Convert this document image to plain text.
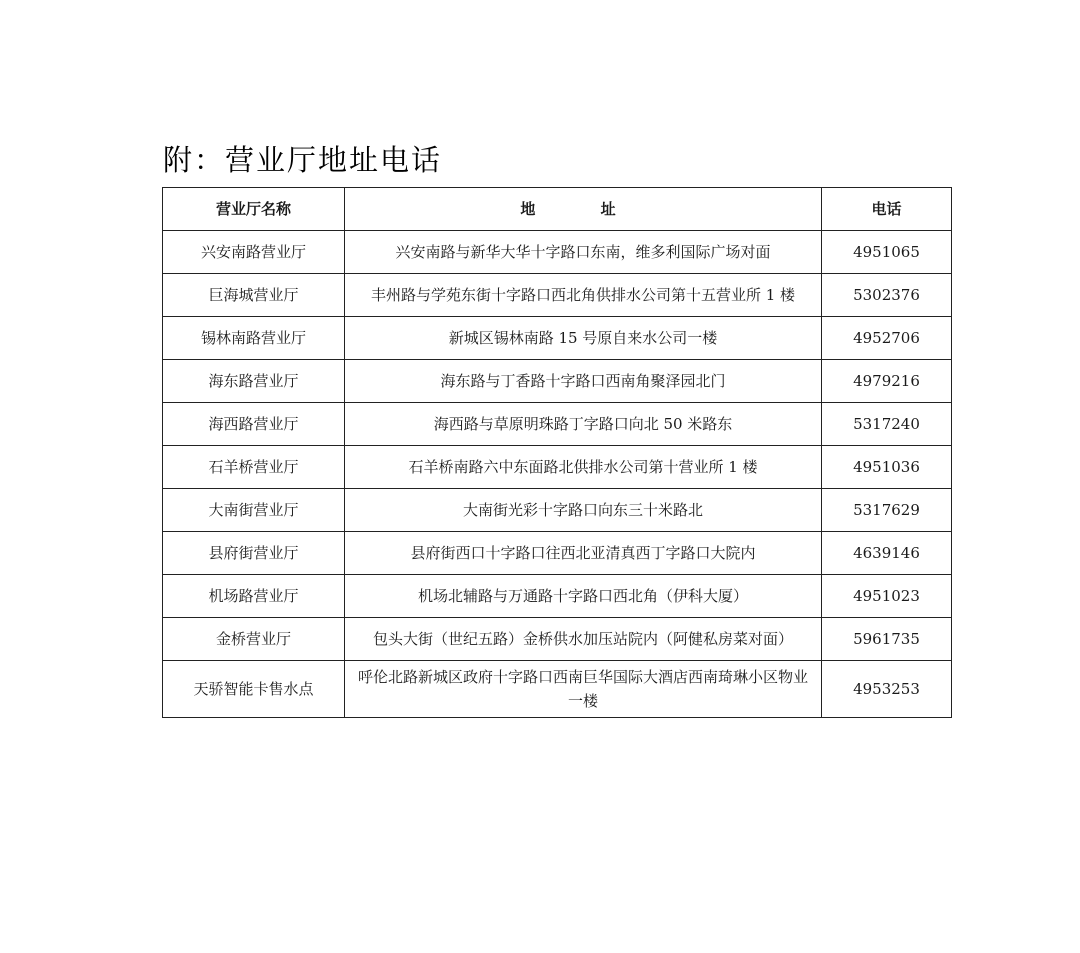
附：营业厅地址电话
营业厅名称	地 址	电话
兴安南路营业厅	兴安南路与新华大华十字路口东南，维多利国际广场对面	4951065
巨海城营业厅	丰州路与学苑东街十字路口西北角供排水公司第十五营业所 1 楼	5302376
锡林南路营业厅	新城区锡林南路 15 号原自来水公司一楼	4952706
海东路营业厅	海东路与丁香路十字路口西南角聚泽园北门	4979216
海西路营业厅	海西路与草原明珠路丁字路口向北 50 米路东	5317240
石羊桥营业厅	石羊桥南路六中东面路北供排水公司第十营业所 1 楼	4951036
大南街营业厅	大南街光彩十字路口向东三十米路北	5317629
县府街营业厅	县府街西口十字路口往西北亚清真西丁字路口大院内	4639146
机场路营业厅	机场北辅路与万通路十字路口西北角（伊科大厦）	4951023
金桥营业厅	包头大街（世纪五路）金桥供水加压站院内（阿健私房菜对面）	5961735
天骄智能卡售水点	呼伦北路新城区政府十字路口西南巨华国际大酒店西南琦琳小区物业一楼	4953253
